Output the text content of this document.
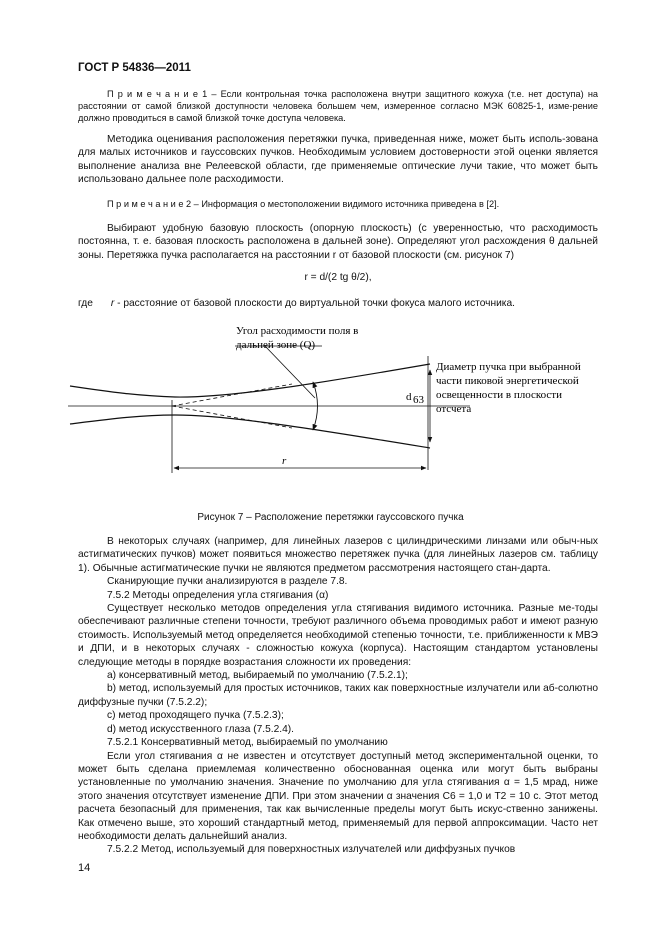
ГОСТ Р 54836—2011
П р и м е ч а н и е 1 – Если контрольная точка расположена внутри защитного кожуха (т.е. нет доступа) на расстоянии от самой близкой доступности человека большем чем, измеренное согласно МЭК 60825-1, изме-рение должно проводиться в самой близкой точке доступа человека.
Методика оценивания расположения перетяжки пучка, приведенная ниже, может быть исполь-зована для малых источников и гауссовских пучков. Необходимым условием достоверности этой оценки является выполнение анализа вне Релеевской области, где применяемые оптические лучи такие, что может быть использовано дальнее поле расходимости.
П р и м е ч а н и е 2 – Информация о местоположении видимого источника приведена в [2].
Выбирают удобную базовую плоскость (опорную плоскость) (с уверенностью, что расходимость постоянна, т. е. базовая плоскость расположена в дальней зоне). Определяют угол расхождения θ дальней зоны. Перетяжка пучка располагается на расстоянии r от базовой плоскости (см. рисунок 7)
r = d/(2 tg θ/2),
где r - расстояние от базовой плоскости до виртуальной точки фокуса малого источника.
Угол расходимости поля в
дальней зоне (Q)
Диаметр пучка при выбранной
части пиковой энергетической
освещенности в плоскости
отсчета
d 63
r
Рисунок 7 – Расположение перетяжки гауссовского пучка
В некоторых случаях (например, для линейных лазеров с цилиндрическими линзами или обыч-ных астигматических пучков) может появиться множество перетяжек пучка (для линейных лазеров см. таблицу 1). Обычные астигматические пучки не являются предметом рассмотрения настоящего стан-дарта.
Сканирующие пучки анализируются в разделе 7.8.
7.5.2 Методы определения угла стягивания (α)
Существует несколько методов определения угла стягивания видимого источника. Разные ме-тоды обеспечивают различные степени точности, требуют различного объема проводимых работ и имеют разную стоимость. Используемый метод определяется необходимой степенью точности, т.е. приближенности к МВЭ и ДПИ, и в некоторых случаях - сложностью кожуха (корпуса). Настоящим стандартом установлены следующие методы в порядке возрастания сложности их проведения:
a) консервативный метод, выбираемый по умолчанию (7.5.2.1);
b) метод, используемый для простых источников, таких как поверхностные излучатели или аб-солютно диффузные пучки (7.5.2.2);
c) метод проходящего пучка (7.5.2.3);
d) метод искусственного глаза (7.5.2.4).
7.5.2.1 Консервативный метод, выбираемый по умолчанию
Если угол стягивания α не известен и отсутствует доступный метод экспериментальной оценки, то может быть сделана приемлемая количественно обоснованная оценка или могут быть выбраны установленные по умолчанию значения. Значение по умолчанию для угла стягивания α = 1,5 мрад, ниже этого значения отсутствует изменение ДПИ. При этом значении α значения C6 = 1,0 и T2 = 10 с. Этот метод расчета безопасный для применения, так как вычисленные пределы могут быть искус-ственно занижены. Как отмечено выше, это хороший стандартный метод, применяемый для первой аппроксимации. Часто нет необходимости делать дальнейший анализ.
7.5.2.2 Метод, используемый для поверхностных излучателей или диффузных пучков
14
